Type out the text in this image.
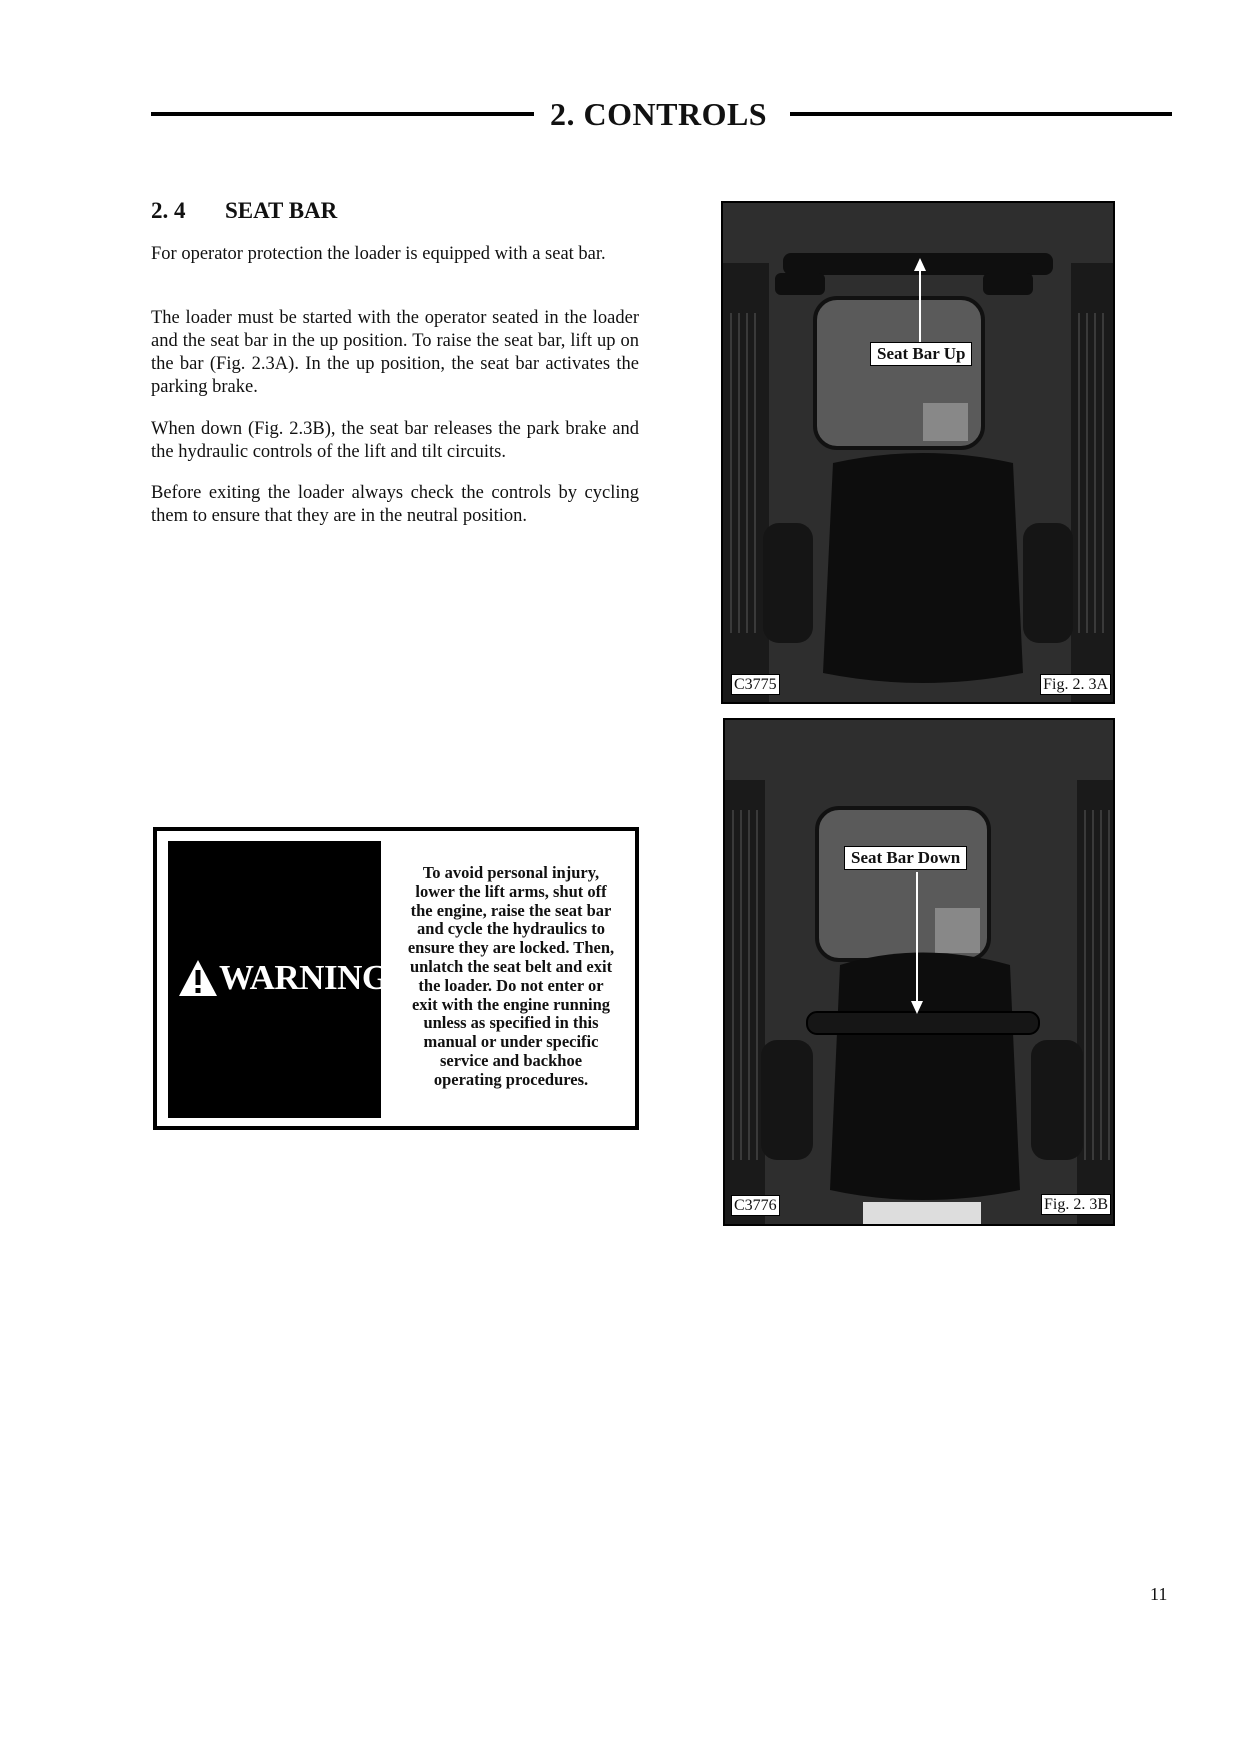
2. CONTROLS
2. 4 SEAT BAR

For operator protection the loader is equipped with a seat bar.

The loader must be started with the operator seated in the loader and the seat bar in the up position. To raise the seat bar, lift up on the bar (Fig. 2.3A). In the up position, the seat bar activates the parking brake.

When down (Fig. 2.3B), the seat bar releases the park brake and the hydraulic controls of the lift and tilt circuits.

Before exiting the loader always check the controls by cycling them to ensure that they are in the neutral position.

WARNING
To avoid personal injury,
lower the lift arms, shut off
the engine, raise the seat bar
and cycle the hydraulics to
ensure they are locked. Then,
unlatch the seat belt and exit
the loader. Do not enter or
exit with the engine running
unless as specified in this
manual or under specific
service and backhoe
operating procedures.
Seat Bar Up
C3775	Fig. 2. 3A
Seat Bar Down
C3776	Fig. 2. 3B
11
